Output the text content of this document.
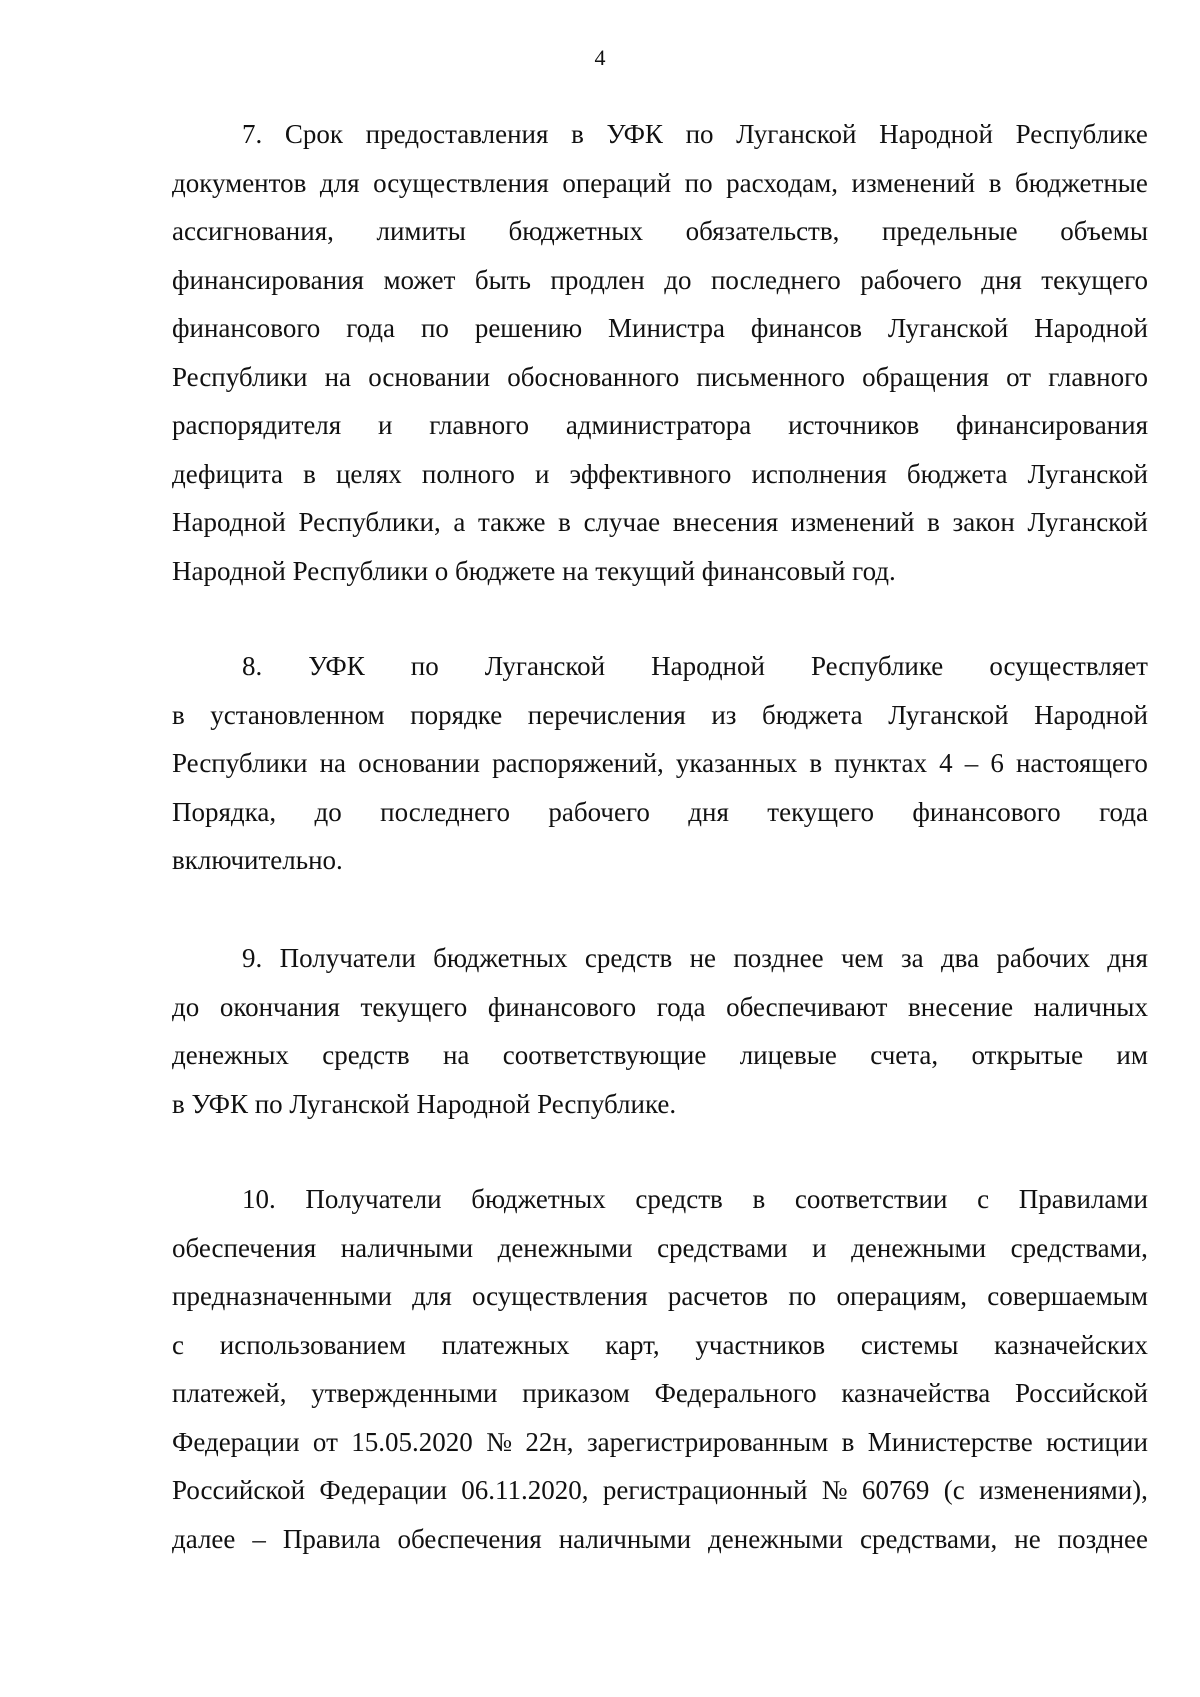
4
7. Срок предоставления в УФК по Луганской Народной Республике
документов для осуществления операций по расходам, изменений в бюджетные
ассигнования, лимиты бюджетных обязательств, предельные объемы
финансирования может быть продлен до последнего рабочего дня текущего
финансового года по решению Министра финансов Луганской Народной
Республики на основании обоснованного письменного обращения от главного
распорядителя и главного администратора источников финансирования
дефицита в целях полного и эффективного исполнения бюджета Луганской
Народной Республики, а также в случае внесения изменений в закон Луганской
Народной Республики о бюджете на текущий финансовый год.
8. УФК по Луганской Народной Республике осуществляет
в установленном порядке перечисления из бюджета Луганской Народной
Республики на основании распоряжений, указанных в пунктах 4 – 6 настоящего
Порядка, до последнего рабочего дня текущего финансового года
включительно.
9. Получатели бюджетных средств не позднее чем за два рабочих дня
до окончания текущего финансового года обеспечивают внесение наличных
денежных средств на соответствующие лицевые счета, открытые им
в УФК по Луганской Народной Республике.
10. Получатели бюджетных средств в соответствии с Правилами
обеспечения наличными денежными средствами и денежными средствами,
предназначенными для осуществления расчетов по операциям, совершаемым
с использованием платежных карт, участников системы казначейских
платежей, утвержденными приказом Федерального казначейства Российской
Федерации от 15.05.2020 № 22н, зарегистрированным в Министерстве юстиции
Российской Федерации 06.11.2020, регистрационный № 60769 (с изменениями),
далее – Правила обеспечения наличными денежными средствами, не позднее
